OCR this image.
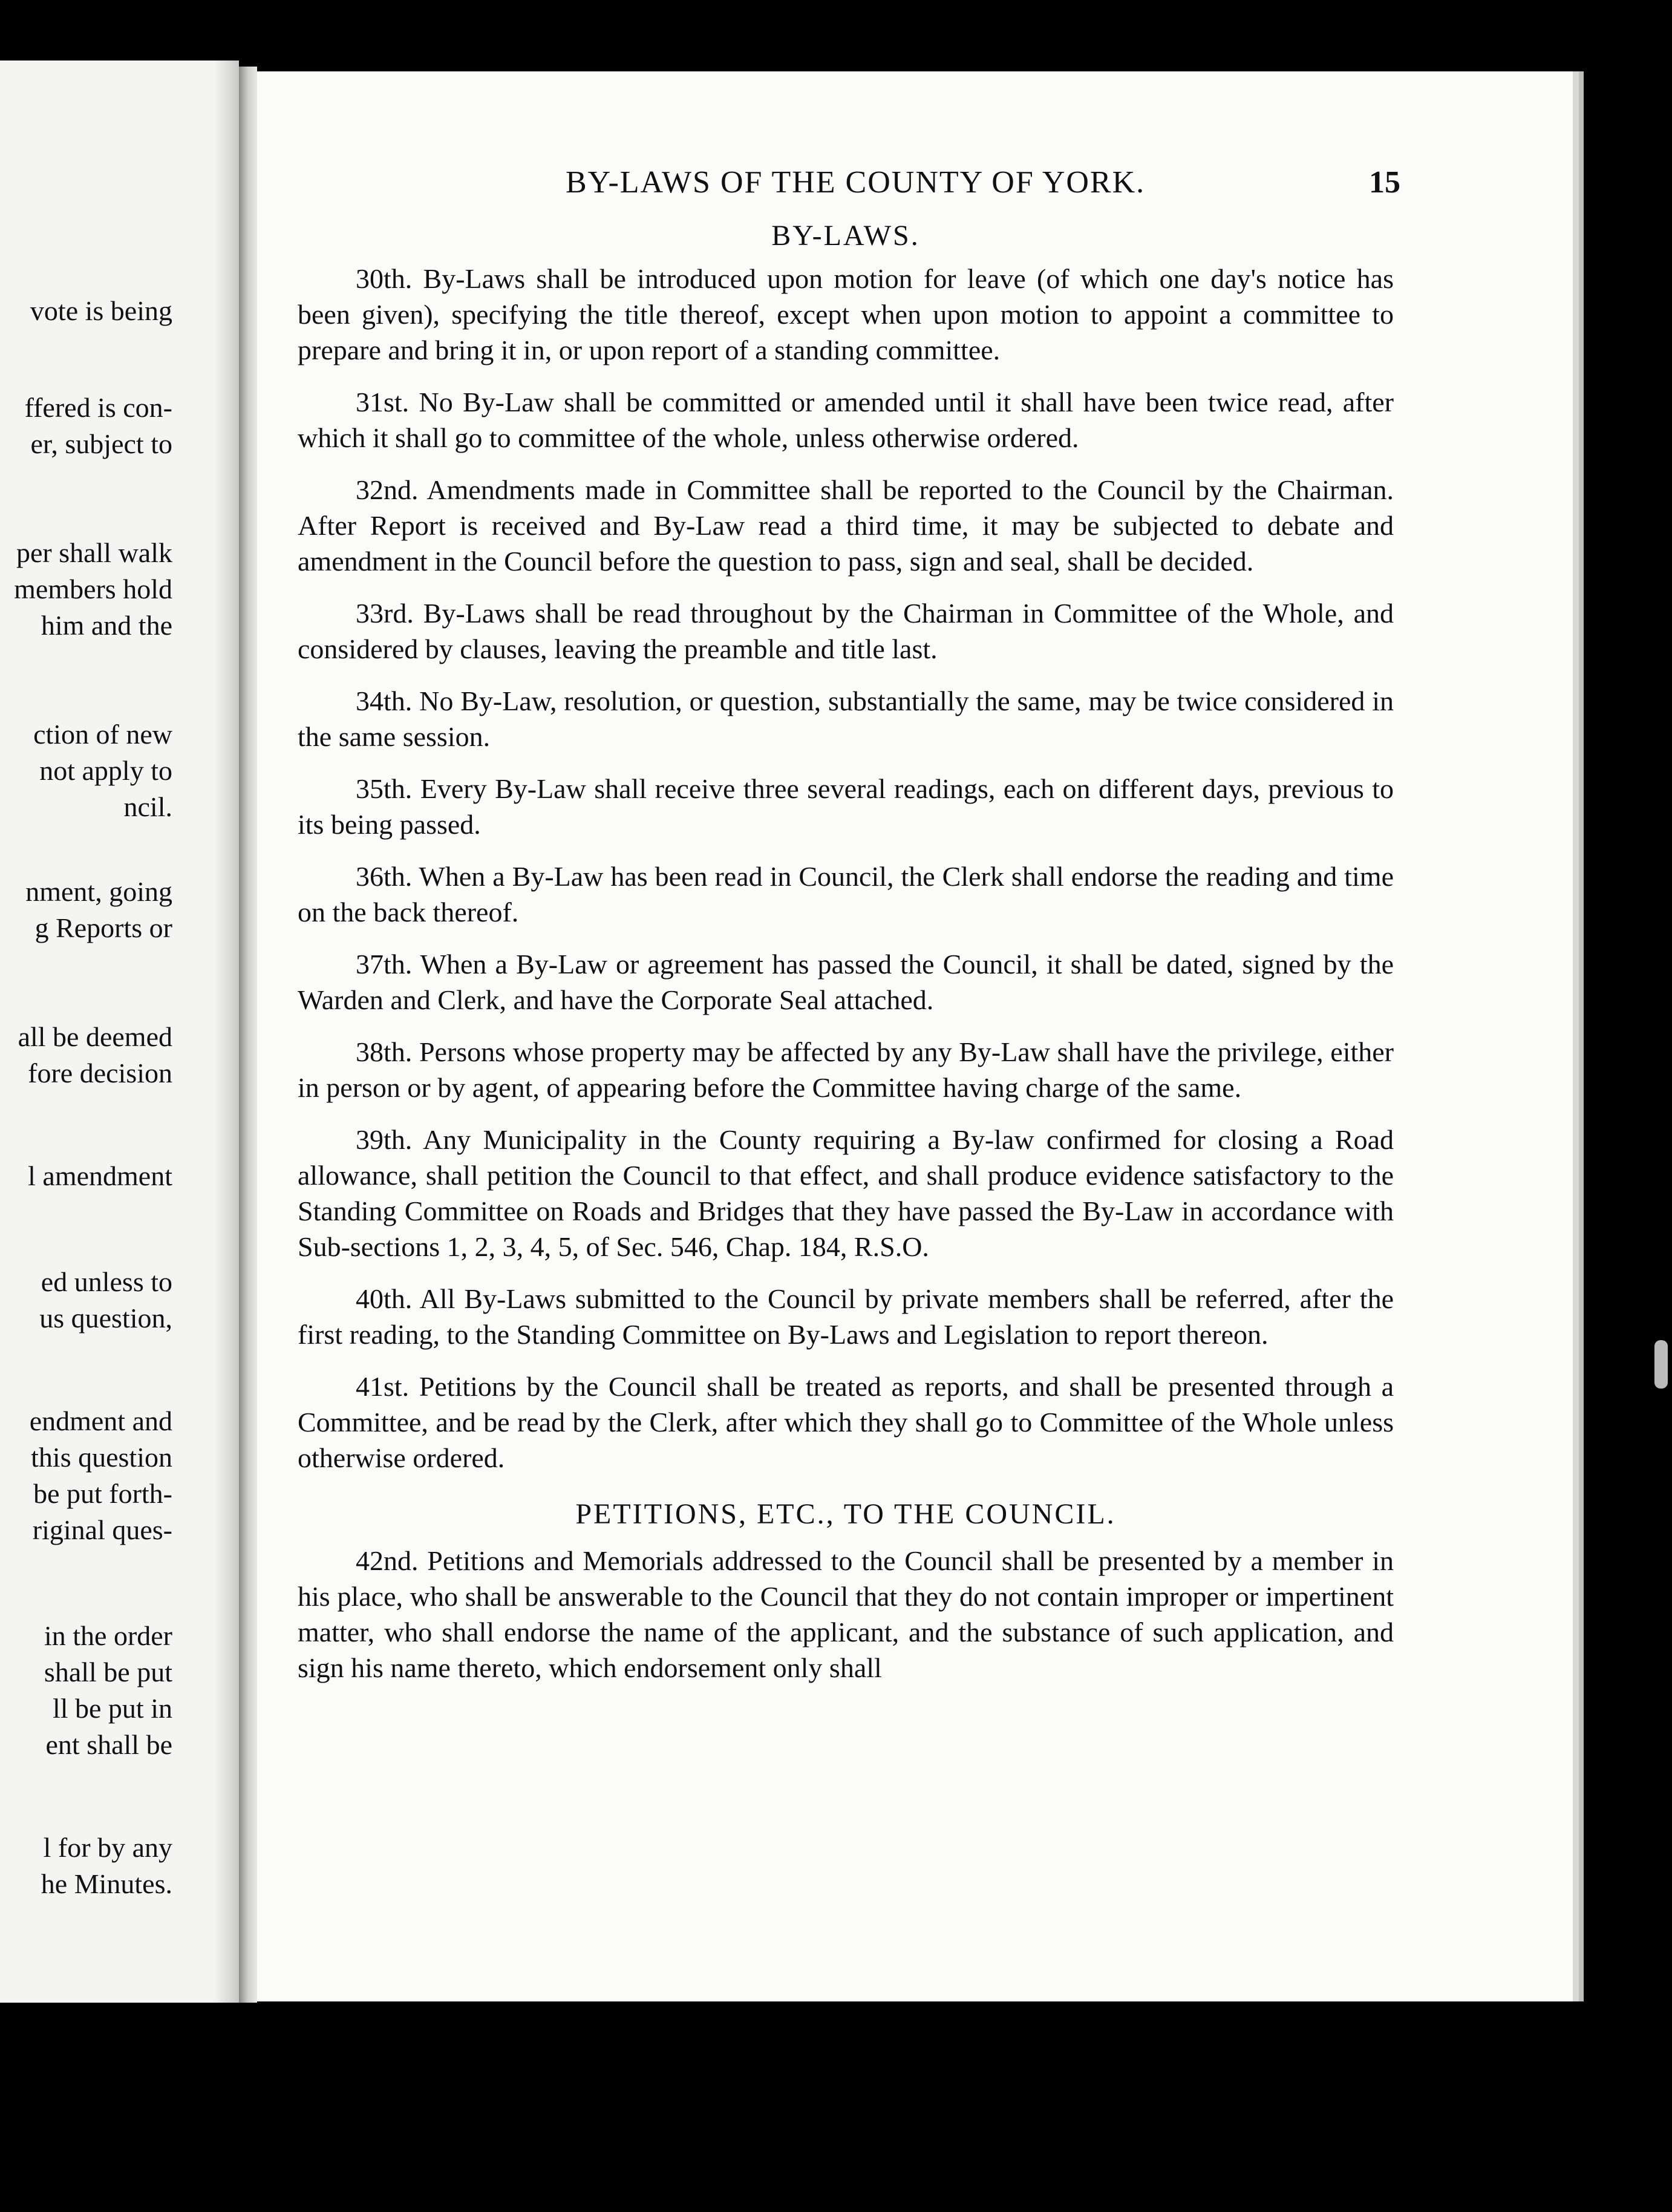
vote is being
ffered is con-
er, subject to
per shall walk
members hold
him and the
ction of new
not apply to
ncil.
nment, going
g Reports or
all be deemed
fore decision
l amendment
ed unless to
us question,
endment and
this question
be put forth-
riginal ques-
in the order
shall be put
ll be put in
ent shall be
l for by any
he Minutes.
BY-LAWS OF THE COUNTY OF YORK.	15
BY-LAWS.

30th. By-Laws shall be introduced upon motion for leave (of which one day's notice has been given), specifying the title thereof, except when upon motion to appoint a committee to prepare and bring it in, or upon report of a standing committee.

31st. No By-Law shall be committed or amended until it shall have been twice read, after which it shall go to committee of the whole, unless otherwise ordered.

32nd. Amendments made in Committee shall be reported to the Council by the Chairman. After Report is received and By-Law read a third time, it may be subjected to debate and amendment in the Council before the question to pass, sign and seal, shall be decided.

33rd. By-Laws shall be read throughout by the Chairman in Committee of the Whole, and considered by clauses, leaving the preamble and title last.

34th. No By-Law, resolution, or question, substantially the same, may be twice considered in the same session.

35th. Every By-Law shall receive three several readings, each on different days, previous to its being passed.

36th. When a By-Law has been read in Council, the Clerk shall endorse the reading and time on the back thereof.

37th. When a By-Law or agreement has passed the Council, it shall be dated, signed by the Warden and Clerk, and have the Corporate Seal attached.

38th. Persons whose property may be affected by any By-Law shall have the privilege, either in person or by agent, of appearing before the Committee having charge of the same.

39th. Any Municipality in the County requiring a By-law confirmed for closing a Road allowance, shall petition the Council to that effect, and shall produce evidence satisfactory to the Standing Committee on Roads and Bridges that they have passed the By-Law in accordance with Sub-sections 1, 2, 3, 4, 5, of Sec. 546, Chap. 184, R.S.O.

40th. All By-Laws submitted to the Council by private members shall be referred, after the first reading, to the Standing Committee on By-Laws and Legislation to report thereon.

41st. Petitions by the Council shall be treated as reports, and shall be presented through a Committee, and be read by the Clerk, after which they shall go to Committee of the Whole unless otherwise ordered.

PETITIONS, ETC., TO THE COUNCIL.

42nd. Petitions and Memorials addressed to the Council shall be presented by a member in his place, who shall be answerable to the Council that they do not contain improper or impertinent matter, who shall endorse the name of the applicant, and the substance of such application, and sign his name thereto, which endorsement only shall
